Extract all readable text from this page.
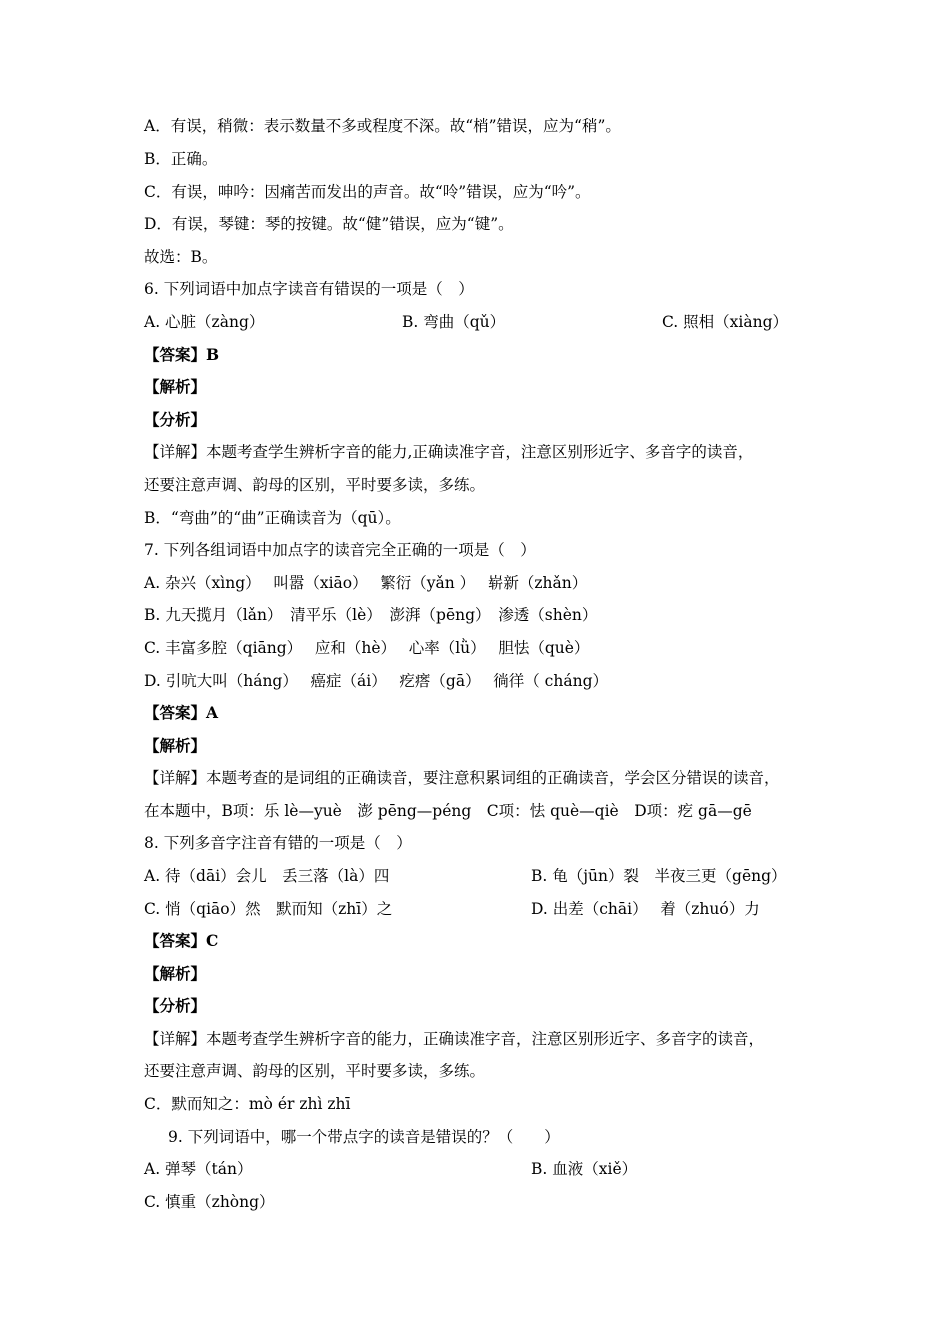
A．有误，稍微：表示数量不多或程度不深。故“梢”错误，应为“稍”。
B．正确。
C．有误，呻吟：因痛苦而发出的声音。故“呤”错误，应为“吟”。
D．有误，琴键：琴的按键。故“健”错误，应为“键”。
故选：B。
6. 下列词语中加点字读音有错误的一项是（　）
A. 心脏（zàng）	B. 弯曲（qǔ）	C. 照相（xiàng）
【答案】B
【解析】
【分析】
【详解】本题考查学生辨析字音的能力,正确读准字音，注意区别形近字、多音字的读音，
还要注意声调、韵母的区别，平时要多读，多练。
B．“弯曲”的“曲”正确读音为（qū）。
7. 下列各组词语中加点字的读音完全正确的一项是（　）
A. 杂兴（xìng）　 叫嚣（xiāo）　 繁衍（yǎn ）　 崭新（zhǎn）
B. 九天揽月（lǎn）　清平乐（lè）　澎湃（pēng）　渗透（shèn）
C. 丰富多腔（qiāng）　 应和（hè）　 心率（lǜ）　 胆怯（què）
D. 引吭大叫（háng）　 癌症（ái）　 疙瘩（gā）　 徜徉（ cháng）
【答案】A
【解析】
【详解】本题考查的是词组的正确读音，要注意积累词组的正确读音，学会区分错误的读音，
在本题中，B项：乐 lè—yuè　澎 pēng—péng　C项：怯 què—qiè　D项：疙 gā—gē
8. 下列多音字注音有错的一项是（　）
A. 待（dāi）会儿　丢三落（là）四	B. 龟（jūn）裂　半夜三更（gēng）
C. 悄（qiāo）然　默而知（zhī）之	D. 出差（chāi）　 着（zhuó）力
【答案】C
【解析】
【分析】
【详解】本题考查学生辨析字音的能力，正确读准字音，注意区别形近字、多音字的读音，
还要注意声调、韵母的区别，平时要多读，多练。
C．默而知之：mò ér zhì zhī
9. 下列词语中，哪一个带点字的读音是错误的？（　　）
A. 弹琴（tán）	B. 血液（xiě）
C. 慎重（zhòng）
